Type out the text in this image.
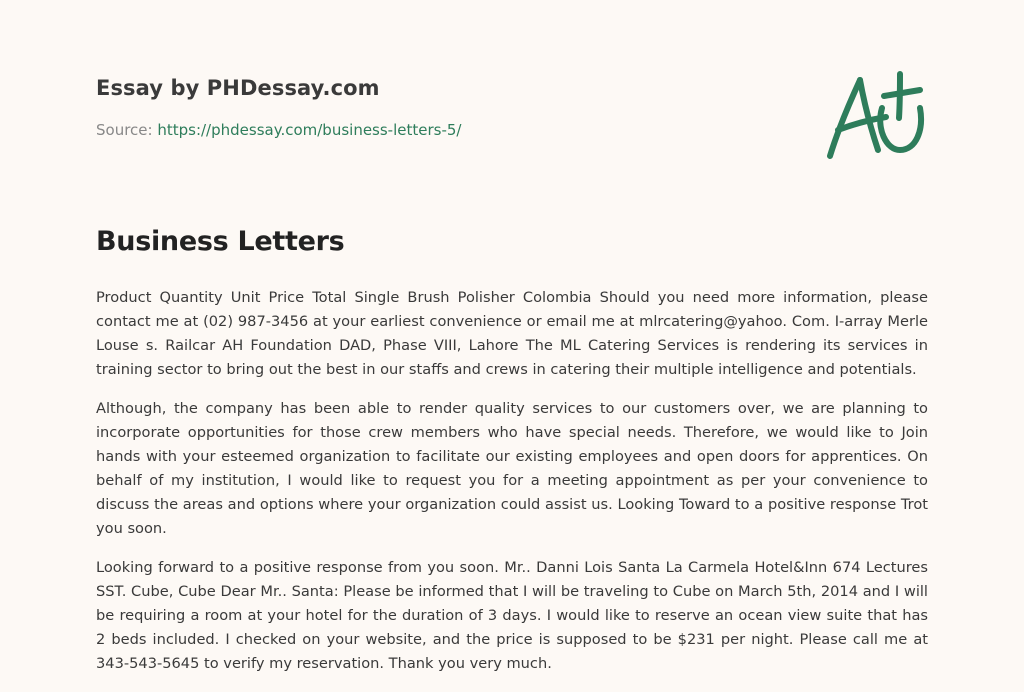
Essay by PHDessay.com
Source: https://phdessay.com/business-letters-5/
Business Letters

Product Quantity Unit Price Total Single Brush Polisher Colombia Should you need more information, please contact me at (02) 987-3456 at your earliest convenience or email me at mlrcatering@yahoo. Com. I-array Merle Louse s. Railcar AH Foundation DAD, Phase VIII, Lahore The ML Catering Services is rendering its services in training sector to bring out the best in our staffs and crews in catering their multiple intelligence and potentials.

Although, the company has been able to render quality services to our customers over, we are planning to incorporate opportunities for those crew members who have special needs. Therefore, we would like to Join hands with your esteemed organization to facilitate our existing employees and open doors for apprentices. On behalf of my institution, I would like to request you for a meeting appointment as per your convenience to discuss the areas and options where your organization could assist us. Looking Toward to a positive response Trot you soon.

Looking forward to a positive response from you soon. Mr.. Danni Lois Santa La Carmela Hotel&Inn 674 Lectures SST. Cube, Cube Dear Mr.. Santa: Please be informed that I will be traveling to Cube on March 5th, 2014 and I will be requiring a room at your hotel for the duration of 3 days. I would like to reserve an ocean view suite that has 2 beds included. I checked on your website, and the price is supposed to be $231 per night. Please call me at 343-543-5645 to verify my reservation. Thank you very much.
